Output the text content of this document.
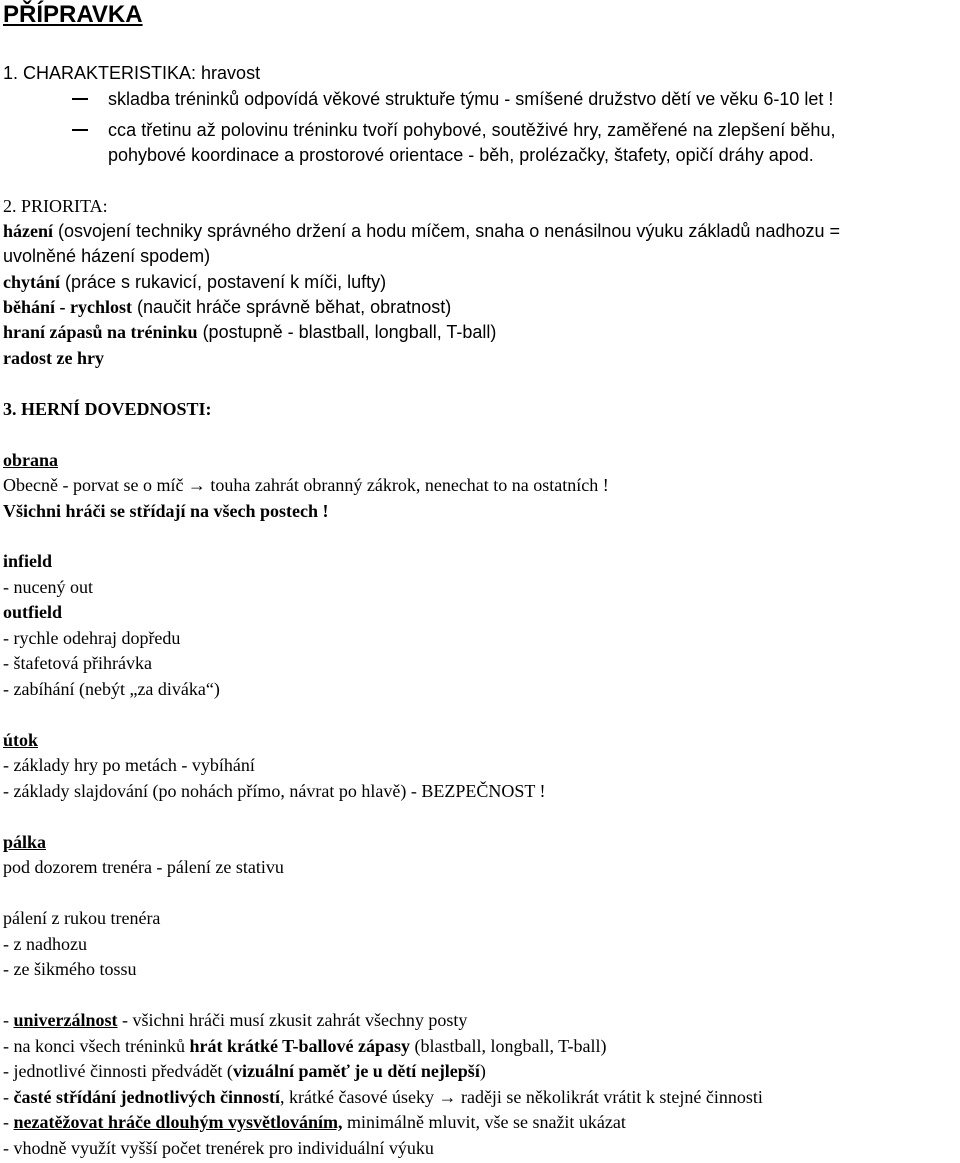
PŘÍPRAVKA
1. CHARAKTERISTIKA: hravost
skladba tréninků odpovídá věkové struktuře týmu - smíšené družstvo dětí ve věku 6-10 let !
cca třetinu až polovinu tréninku tvoří pohybové, soutěživé hry, zaměřené na zlepšení běhu,
pohybové koordinace a prostorové orientace - běh, prolézačky, štafety, opičí dráhy apod.
2. PRIORITA:
házení (osvojení techniky správného držení a hodu míčem, snaha o nenásilnou výuku základů nadhozu =
uvolněné házení spodem)
chytání (práce s rukavicí, postavení k míči, lufty)
běhání - rychlost (naučit hráče správně běhat, obratnost)
hraní zápasů na tréninku (postupně - blastball, longball, T-ball)
radost ze hry
3. HERNÍ DOVEDNOSTI:
obrana
Obecně - porvat se o míč → touha zahrát obranný zákrok, nenechat to na ostatních !
Všichni hráči se střídají na všech postech !
infield
- nucený out
outfield
- rychle odehraj dopředu
- štafetová přihrávka
- zabíhání (nebýt „za diváka“)
útok
- základy hry po metách - vybíhání
- základy slajdování (po nohách přímo, návrat po hlavě) - BEZPEČNOST !
pálka
pod dozorem trenéra - pálení ze stativu
pálení z rukou trenéra
- z nadhozu
- ze šikmého tossu
- univerzálnost - všichni hráči musí zkusit zahrát všechny posty
- na konci všech tréninků hrát krátké T-ballové zápasy (blastball, longball, T-ball)
- jednotlivé činnosti předvádět (vizuální paměť je u dětí nejlepší)
- časté střídání jednotlivých činností, krátké časové úseky → raději se několikrát vrátit k stejné činnosti
- nezatěžovat hráče dlouhým vysvětlováním, minimálně mluvit, vše se snažit ukázat
- vhodně využít vyšší počet trenérek pro individuální výuku
